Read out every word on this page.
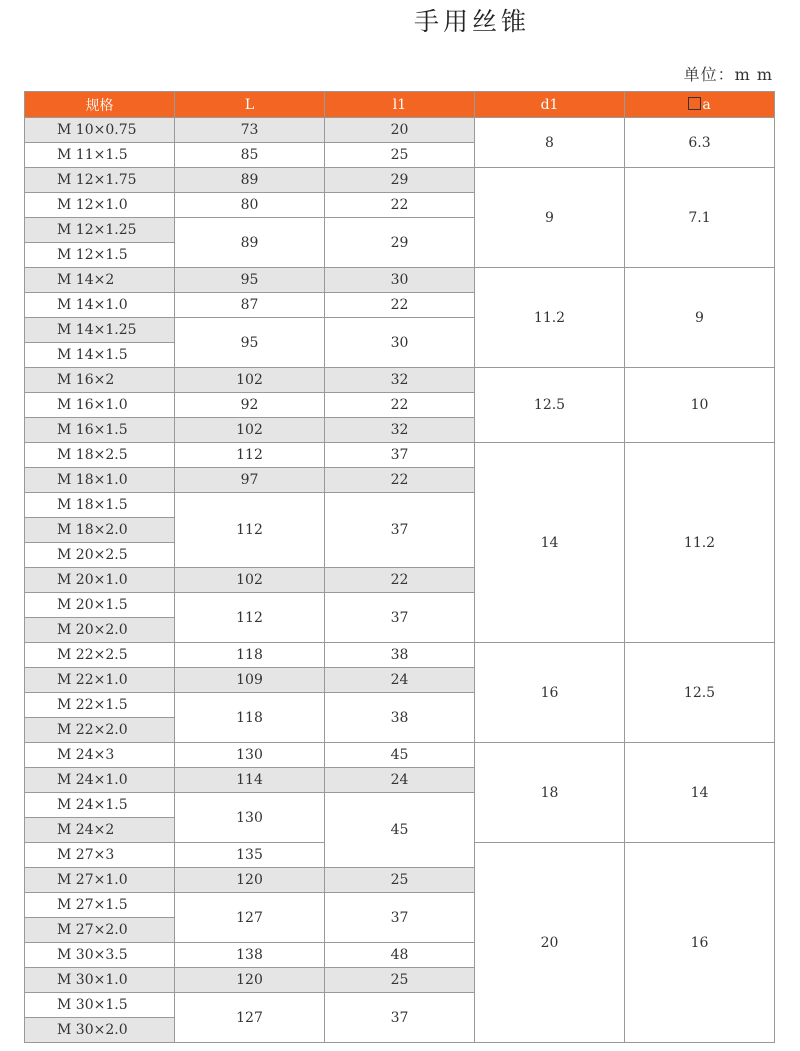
手用丝锥
单位：m m
规格	L	l1	d1	a
M 10×0.75	73	20	8	6.3
M 11×1.5	85	25		
M 12×1.75	89	29	9	7.1
M 12×1.0	80	22		
M 12×1.25	89	29		
M 12×1.5				
M 14×2	95	30	11.2	9
M 14×1.0	87	22		
M 14×1.25	95	30		
M 14×1.5				
M 16×2	102	32	12.5	10
M 16×1.0	92	22		
M 16×1.5	102	32		
M 18×2.5	112	37	14	11.2
M 18×1.0	97	22		
M 18×1.5	112	37		
M 18×2.0				
M 20×2.5				
M 20×1.0	102	22		
M 20×1.5	112	37		
M 20×2.0				
M 22×2.5	118	38	16	12.5
M 22×1.0	109	24		
M 22×1.5	118	38		
M 22×2.0				
M 24×3	130	45	18	14
M 24×1.0	114	24		
M 24×1.5	130	45		
M 24×2				
M 27×3	135		20	16
M 27×1.0	120	25		
M 27×1.5	127	37		
M 27×2.0				
M 30×3.5	138	48		
M 30×1.0	120	25		
M 30×1.5	127	37		
M 30×2.0				
